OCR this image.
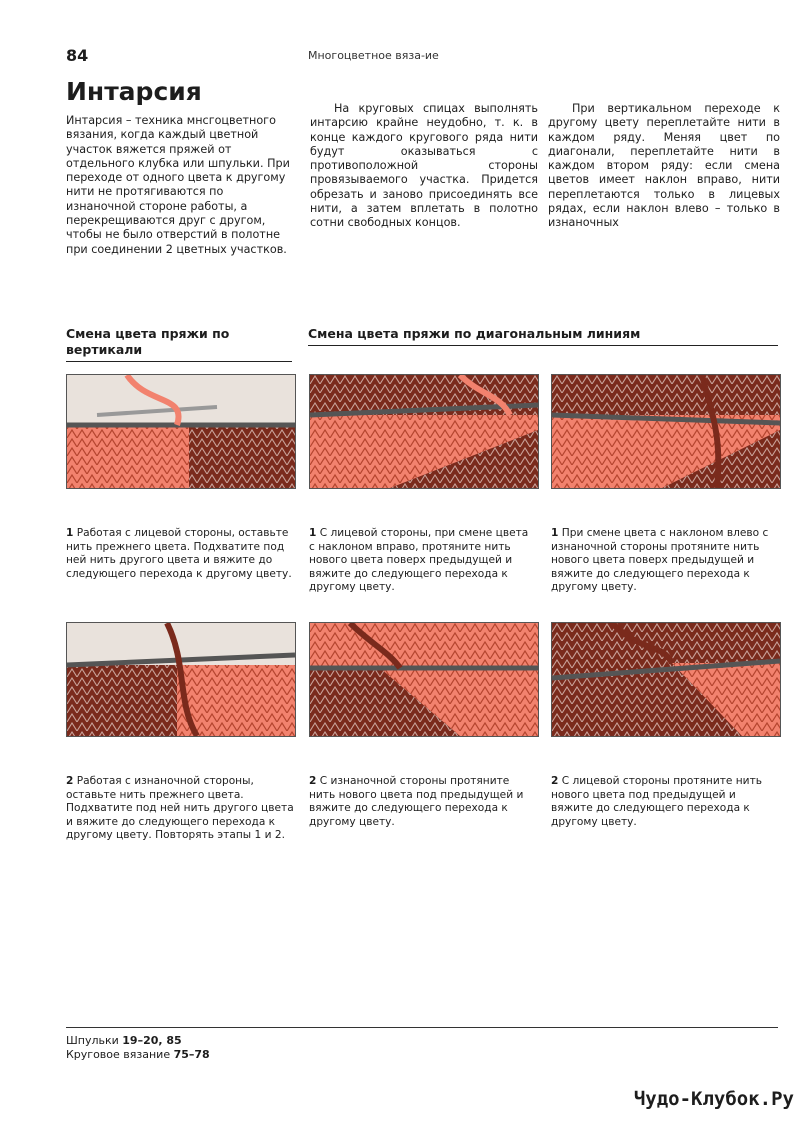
84	Многоцветное вяза-ие
Интарсия
Интарсия – техника мнсгоцветного вязания, когда каждый цветной участок вяжется пряжей от отдельного клубка или шпульки. При переходе от одного цвета к другому нити не протягиваются по изнаночной стороне работы, а перекрещиваются друг с другом, чтобы не было отверстий в полотне при соединении 2 цветных участков.
На круговых спицах выполнять интарсию крайне неудобно, т. к. в конце каждого кругового ряда нити будут оказываться с противоположной стороны провязываемого участка. Придется обрезать и заново присоединять все нити, а затем вплетать в полотно сотни свободных концов.
При вертикальном переходе к другому цвету переплетайте нити в каждом ряду. Меняя цвет по диагонали, переплетайте нити в каждом втором ряду: если смена цветов имеет наклон вправо, нити переплетаются только в лицевых рядах, если наклон влево – только в изнаночных
Смена цвета пряжи по вертикали
Смена цвета пряжи по диагональным линиям
1 Работая с лицевой стороны, оставьте нить прежнего цвета. Подхватите под ней нить другого цвета и вяжите до следующего перехода к другому цвету.
1 С лицевой стороны, при смене цвета с наклоном вправо, протяните нить нового цвета поверх предыдущей и вяжите до следующего перехода к другому цвету.
1 При смене цвета с наклоном влево с изнаночной стороны протяните нить нового цвета поверх предыдущей и вяжите до следующего перехода к другому цвету.
2 Работая с изнаночной стороны, оставьте нить прежнего цвета. Подхватите под ней нить другого цвета и вяжите до следующего перехода к другому цвету. Повторять этапы 1 и 2.
2 С изнаночной стороны протяните нить нового цвета под предыдущей и вяжите до следующего перехода к другому цвету.
2 С лицевой стороны протяните нить нового цвета под предыдущей и вяжите до следующего перехода к другому цвету.
Шпульки 19–20, 85
Круговое вязание 75–78
Чудо-Клубок.Ру
